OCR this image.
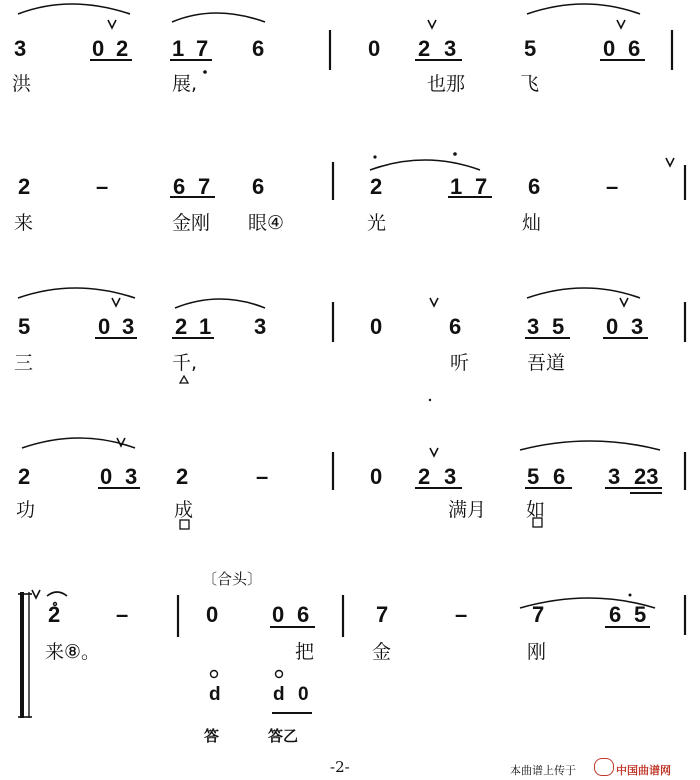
3	0 2 1 7 6	0 2 3	5	0 6
洪	展,	也那	飞
2	–	6 7 6	2	1 7 6	–
来	金刚 眼④	光	灿
5	0 3 2 1 3	0	6	3 5 0 3
三	千,	听	吾道
2	0 3 2	–	0 2 3	5 6 3 23
功	成	满月 如
〔合头〕
2	–	0 0 6	7	–	7	6 5
来⑧。	把	金	刚
d	d 0
答	答乙
-2-	本曲谱上传于	中国曲谱网
